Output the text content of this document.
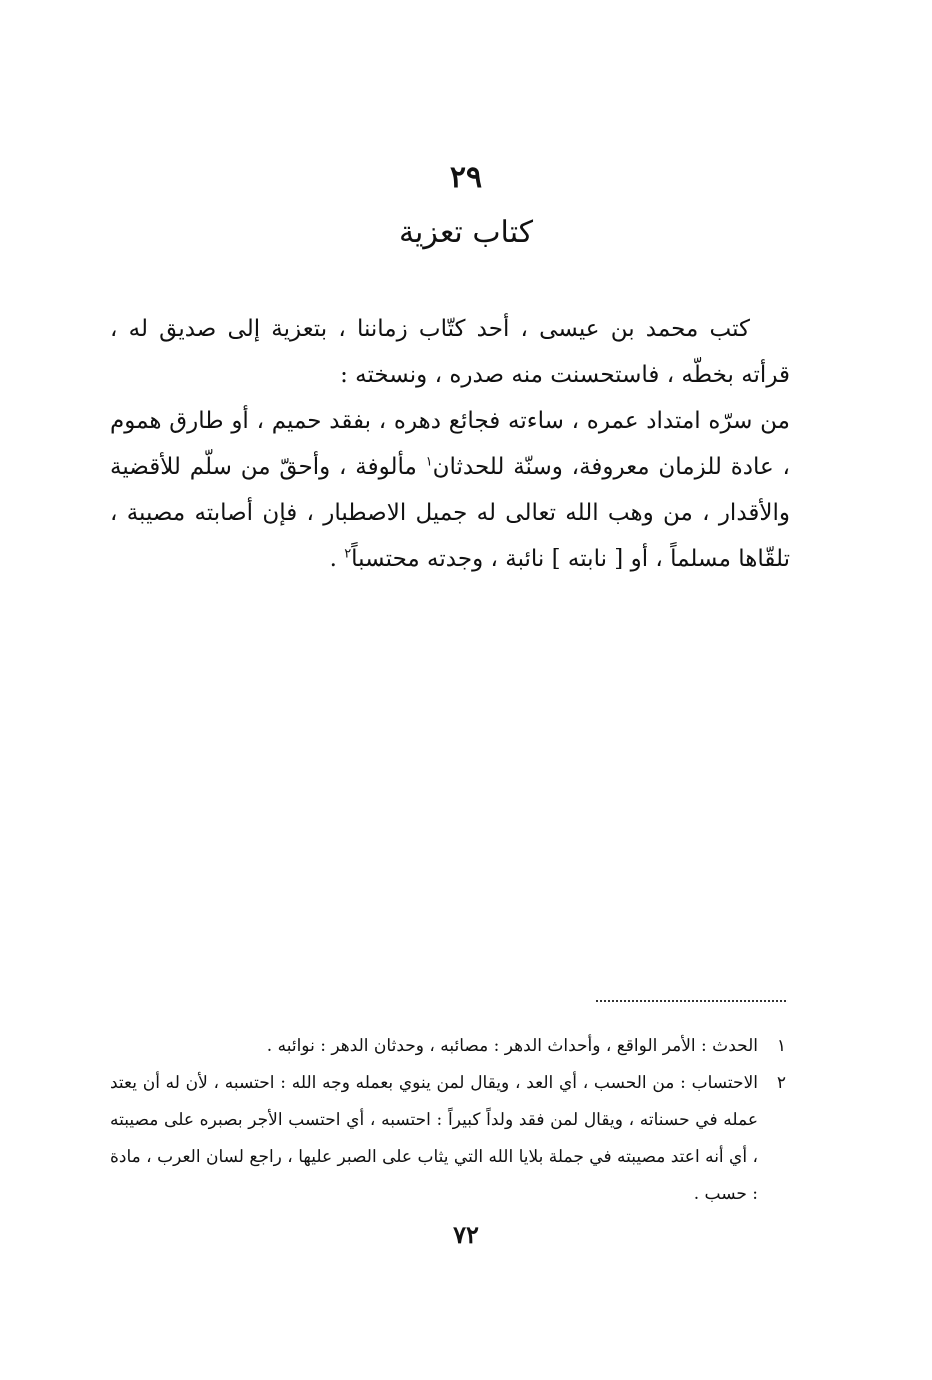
٢٩
كتاب تعزية

كتب محمد بن عيسى ، أحد كتّاب زماننا ، بتعزية إلى صديق له ، قرأته بخطّه ، فاستحسنت منه صدره ، ونسخته :

من سرّه امتداد عمره ، ساءته فجائع دهره ، بفقد حميم ، أو طارق هموم ، عادة للزمان معروفة، وسنّة للحدثان$^١$ مألوفة ، وأحقّ من سلّم للأقضية والأقدار ، من وهب الله تعالى له جميل الاصطبار ، فإن أصابته مصيبة ، تلقّاها مسلماً ، أو [ نابته ] نائبة ، وجدته محتسباً$^٢$ .

١
الحدث : الأمر الواقع ، وأحداث الدهر : مصائبه ، وحدثان الدهر : نوائبه .

٢
الاحتساب : من الحسب ، أي العد ، ويقال لمن ينوي بعمله وجه الله : احتسبه ، لأن له أن يعتد عمله في حسناته ، ويقال لمن فقد ولداً كبيراً : احتسبه ، أي احتسب الأجر بصبره على مصيبته ، أي أنه اعتد مصيبته في جملة بلايا الله التي يثاب على الصبر عليها ، راجع لسان العرب ، مادة : حسب .

٧٢
